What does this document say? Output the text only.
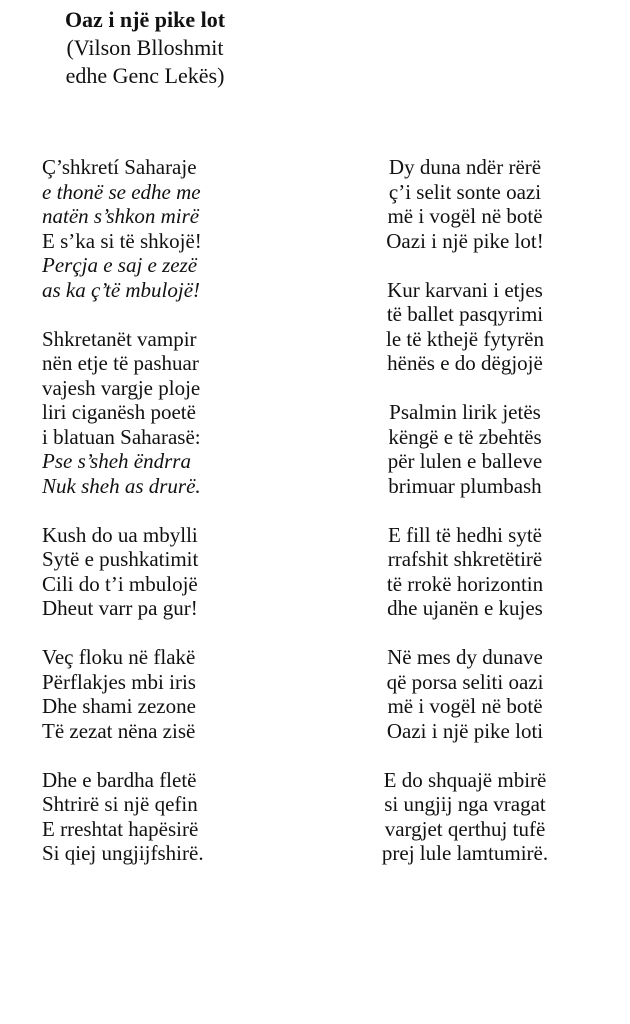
Oaz i një pike lot
(Vilson Blloshmit
edhe Genc Lekës)
Ç’shkretí Saharaje
e thonë se edhe me
natën s’shkon mirë
E s’ka si të shkojë!
Perçja e saj e zezë
as ka ç’të mbulojë!
Shkretanët vampir
nën etje të pashuar
vajesh vargje ploje
liri ciganësh poetë
i blatuan Saharasë:
Pse s’sheh ëndrra
Nuk sheh as drurë.
Kush do ua mbylli
Sytë e pushkatimit
Cili do t’i mbulojë
Dheut varr pa gur!
Veç floku në flakë
Përflakjes mbi iris
Dhe shami zezone
Të zezat nëna zisë
Dhe e bardha fletë
Shtrirë si një qefin
E rreshtat hapësirë
Si qiej ungjijfshirë.
Dy duna ndër rërë
ç’i selit sonte oazi
më i vogël në botë
Oazi i një pike lot!
Kur karvani i etjes
të ballet pasqyrimi
le të kthejë fytyrën
hënës e do dëgjojë
Psalmin lirik jetës
këngë e të zbehtës
për lulen e balleve
brimuar plumbash
E fill të hedhi sytë
rrafshit shkretëtirë
të rrokë horizontin
dhe ujanën e kujes
Në mes dy dunave
që porsa seliti oazi
më i vogël në botë
Oazi i një pike loti
E do shquajë mbirë
si ungjij nga vragat
vargjet qerthuj tufë
prej lule lamtumirë.
